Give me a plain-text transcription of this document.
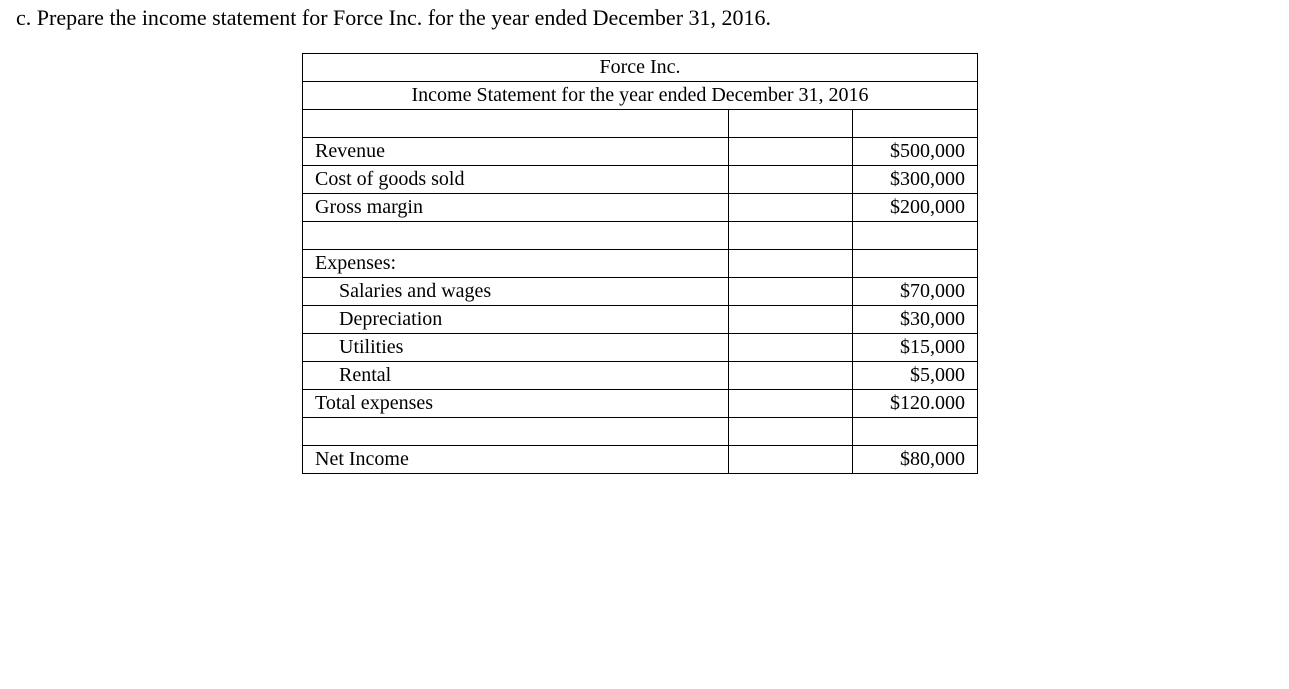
c. Prepare the income statement for Force Inc. for the year ended December 31, 2016.
Force Inc.		
Income Statement for the year ended December 31, 2016		

Revenue		$500,000
Cost of goods sold		$300,000
Gross margin		$200,000

Expenses:		
Salaries and wages		$70,000
Depreciation		$30,000
Utilities		$15,000
Rental		$5,000
Total expenses		$120.000

Net Income		$80,000
